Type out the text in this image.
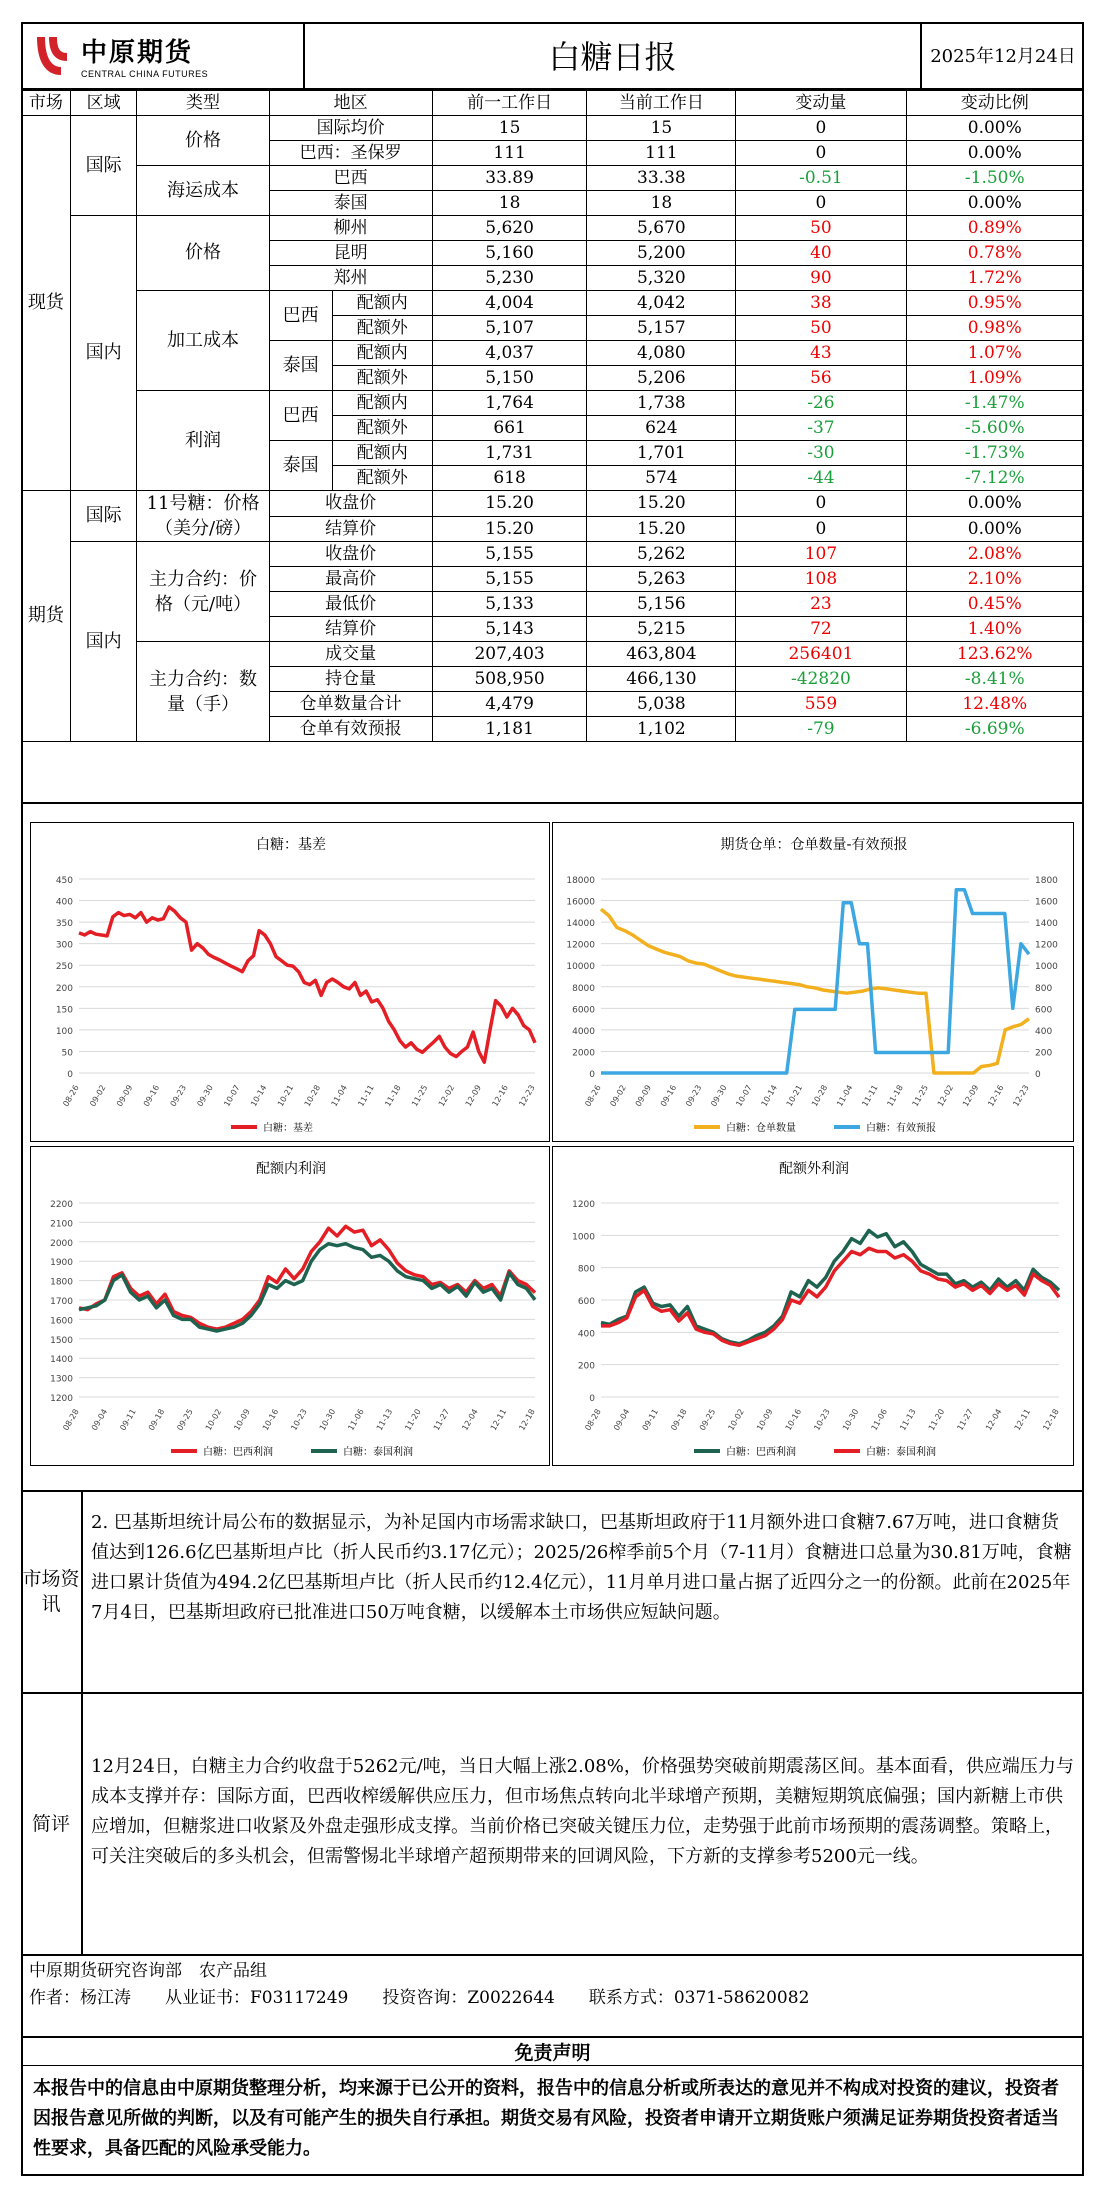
中原期货
CENTRAL CHINA FUTURES	白糖日报	2025年12月24日
市场	区域	类型	地区		前一工作日	当前工作日	变动量	变动比例
现货	国际	价格	国际均价		15	15	0	0.00%
			巴西：圣保罗		111	111	0	0.00%
		海运成本	巴西		33.89	33.38	-0.51	-1.50%
			泰国		18	18	0	0.00%
	国内	价格	柳州		5,620	5,670	50	0.89%
			昆明		5,160	5,200	40	0.78%
			郑州		5,230	5,320	90	1.72%
		加工成本	巴西	配额内	4,004	4,042	38	0.95%
				配额外	5,107	5,157	50	0.98%
			泰国	配额内	4,037	4,080	43	1.07%
				配额外	5,150	5,206	56	1.09%
		利润	巴西	配额内	1,764	1,738	-26	-1.47%
				配额外	661	624	-37	-5.60%
			泰国	配额内	1,731	1,701	-30	-1.73%
				配额外	618	574	-44	-7.12%
期货	国际	11号糖：价格（美分/磅）	收盘价		15.20	15.20	0	0.00%
			结算价		15.20	15.20	0	0.00%
	国内	主力合约：价格（元/吨）	收盘价		5,155	5,262	107	2.08%
			最高价		5,155	5,263	108	2.10%
			最低价		5,133	5,156	23	0.45%
			结算价		5,143	5,215	72	1.40%
		主力合约：数量（手）	成交量		207,403	463,804	256401	123.62%
			持仓量		508,950	466,130	-42820	-8.41%
			仓单数量合计		4,479	5,038	559	12.48%
			仓单有效预报		1,181	1,102	-79	-6.69%
白糖：基差
0
50
100
150
200
250
300
350
400
450
08-26 09-02 09-09 09-16 09-23 09-30 10-07 10-14 10-21 10-28 11-04 11-11 11-18 11-25 12-02 12-09 12-16 12-23
白糖：基差
期货仓单：仓单数量-有效预报
0
2000
4000
6000
8000
10000
12000
14000
16000
18000
0
200
400
600
800
1000
1200
1400
1600
1800
08-26 09-02 09-09 09-16 09-23 09-30 10-07 10-14 10-21 10-28 11-04 11-11 11-18 11-25 12-02 12-09 12-16 12-23
白糖：仓单数量	白糖：有效预报
配额内利润
1200
1300
1400
1500
1600
1700
1800
1900
2000
2100
2200
08-28 09-04 09-11 09-18 09-25 10-02 10-09 10-16 10-23 10-30 11-06 11-13 11-20 11-27 12-04 12-11 12-18
白糖：巴西利润	白糖：泰国利润
配额外利润
0
200
400
600
800
1000
1200
08-28 09-04 09-11 09-18 09-25 10-02 10-09 10-16 10-23 10-30 11-06 11-13 11-20 11-27 12-04 12-11 12-18
白糖：巴西利润	白糖：泰国利润
市场资讯
2. 巴基斯坦统计局公布的数据显示，为补足国内市场需求缺口，巴基斯坦政府于11月额外进口食糖7.67万吨，进口食糖货值达到126.6亿巴基斯坦卢比（折人民币约3.17亿元）；2025/26榨季前5个月（7-11月）食糖进口总量为30.81万吨，食糖进口累计货值为494.2亿巴基斯坦卢比（折人民币约12.4亿元），11月单月进口量占据了近四分之一的份额。此前在2025年7月4日，巴基斯坦政府已批准进口50万吨食糖，以缓解本土市场供应短缺问题。
简评
12月24日，白糖主力合约收盘于5262元/吨，当日大幅上涨2.08%，价格强势突破前期震荡区间。基本面看，供应端压力与成本支撑并存：国际方面，巴西收榨缓解供应压力，但市场焦点转向北半球增产预期，美糖短期筑底偏强；国内新糖上市供应增加，但糖浆进口收紧及外盘走强形成支撑。当前价格已突破关键压力位，走势强于此前市场预期的震荡调整。策略上，可关注突破后的多头机会，但需警惕北半球增产超预期带来的回调风险，下方新的支撑参考5200元一线。
中原期货研究咨询部　农产品组
作者：杨江涛　　从业证书：F03117249　　投资咨询：Z0022644　　联系方式：0371-58620082
免责声明
本报告中的信息由中原期货整理分析，均来源于已公开的资料，报告中的信息分析或所表达的意见并不构成对投资的建议，投资者因报告意见所做的判断，以及有可能产生的损失自行承担。期货交易有风险，投资者申请开立期货账户须满足证券期货投资者适当性要求，具备匹配的风险承受能力。
